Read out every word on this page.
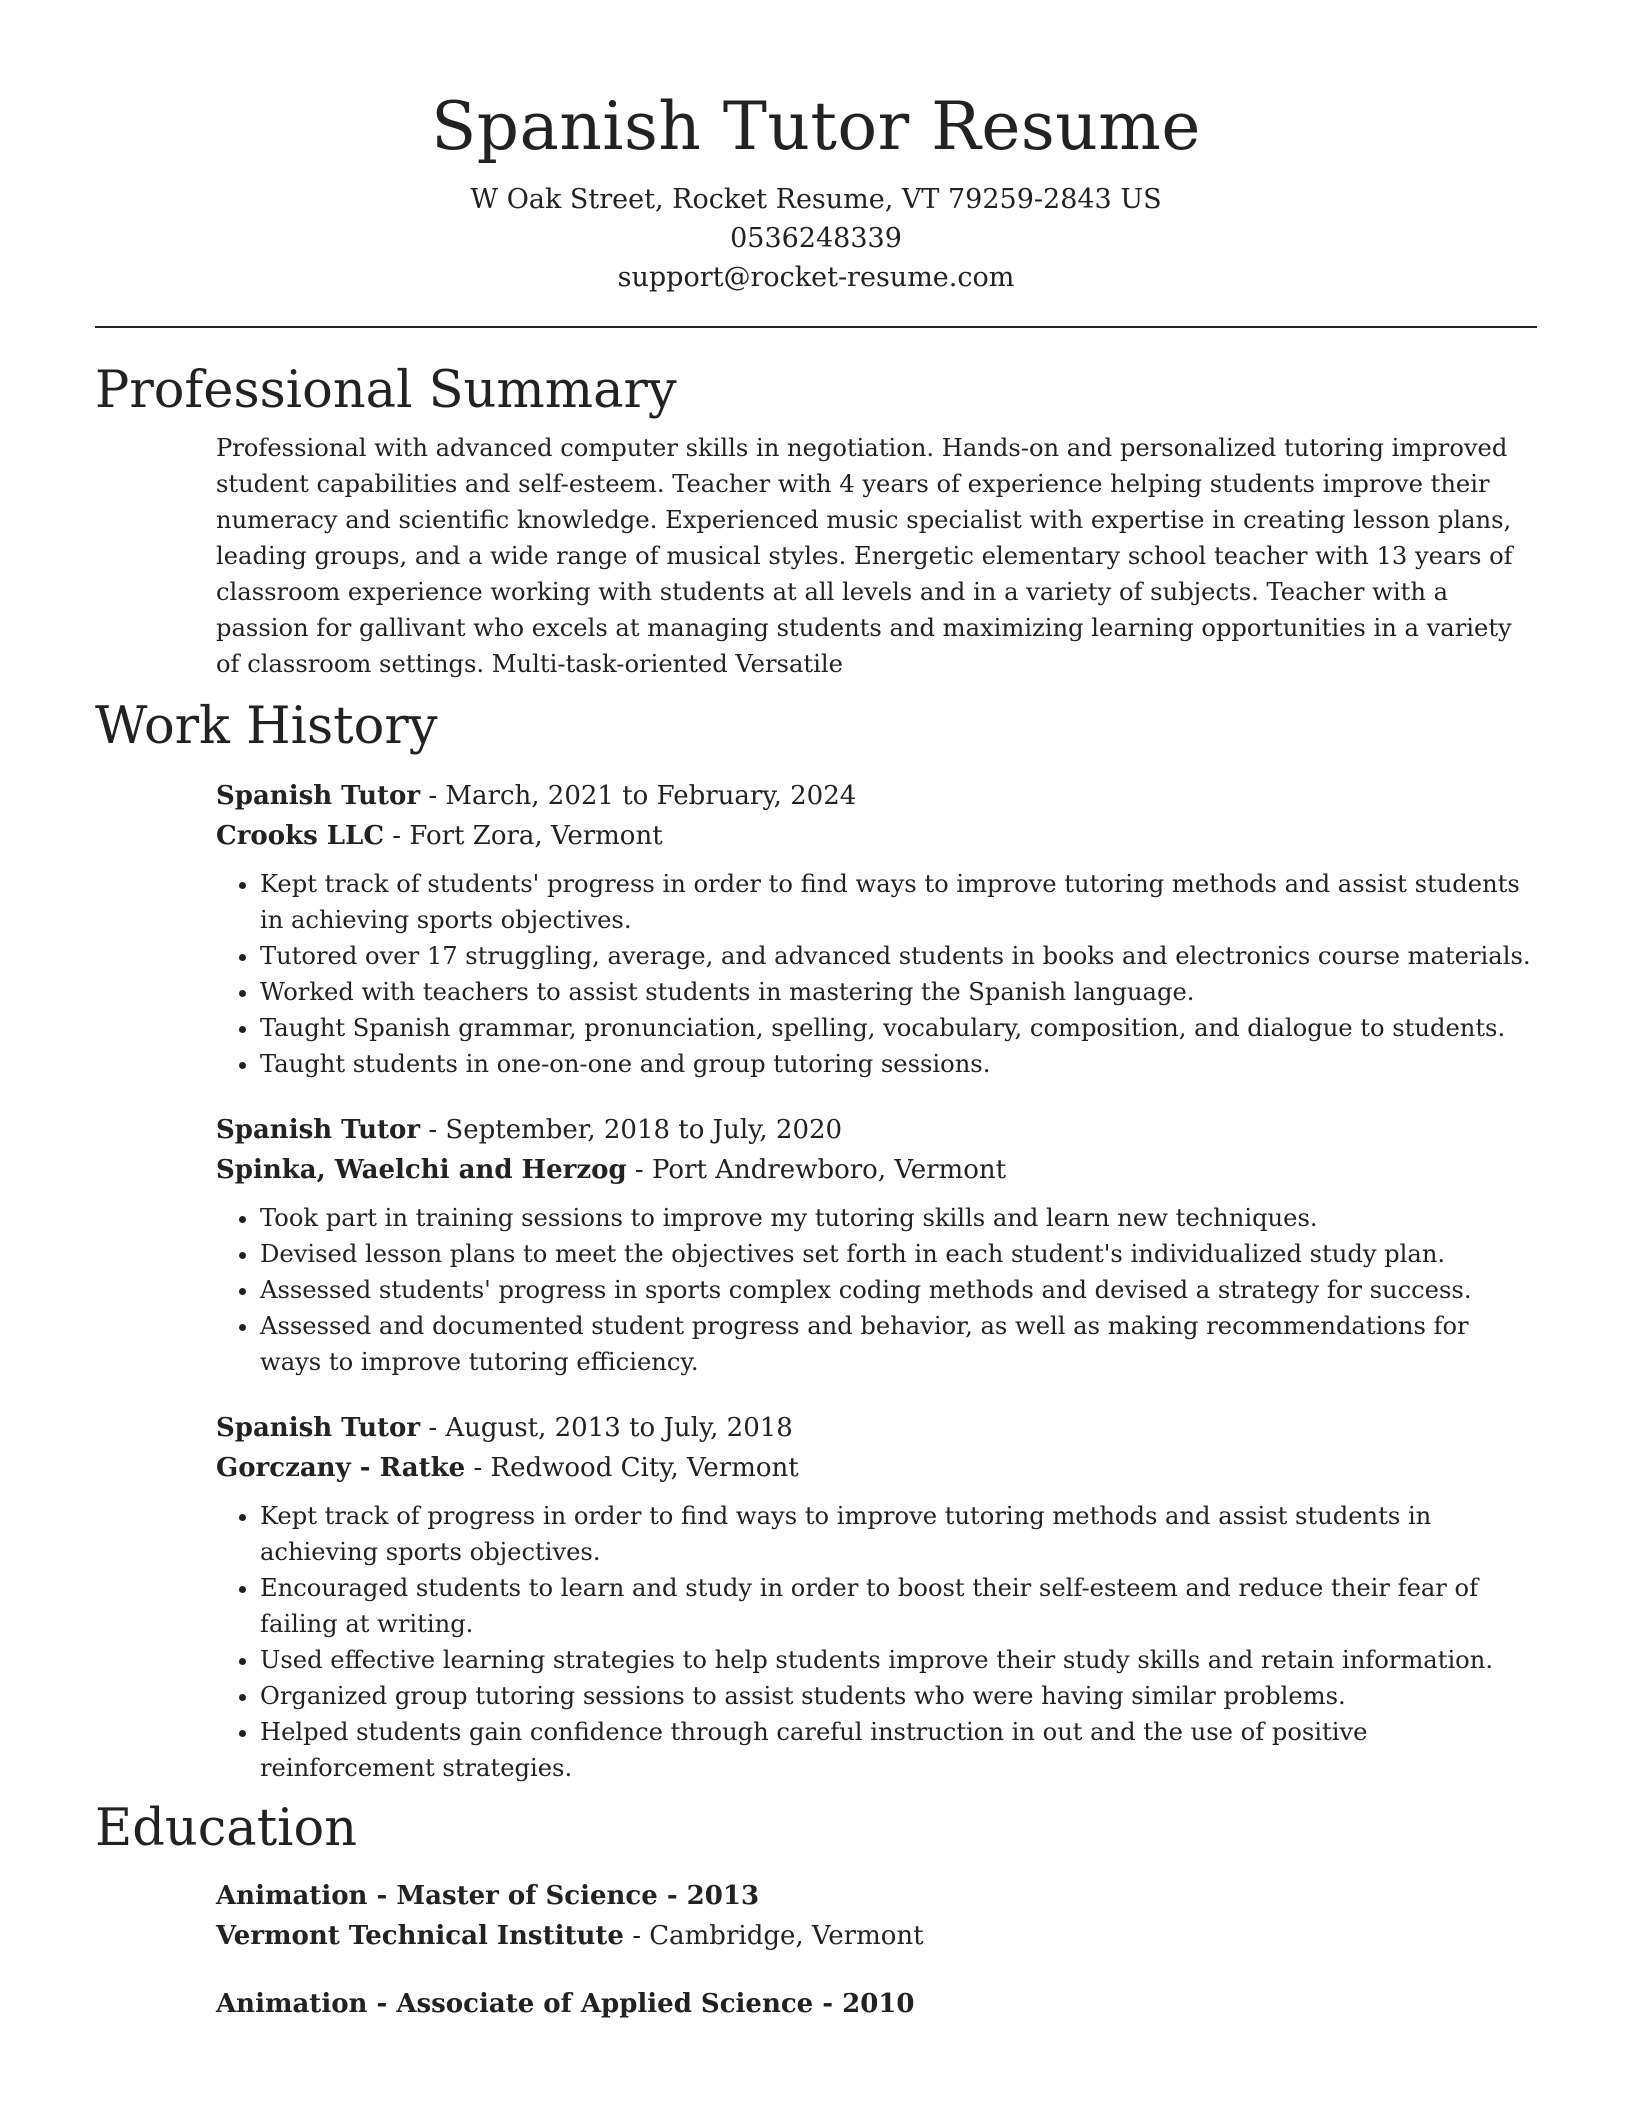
Spanish Tutor Resume
W Oak Street, Rocket Resume, VT 79259-2843 US
0536248339
support@rocket-resume.com
Professional Summary
Professional with advanced computer skills in negotiation. Hands-on and personalized tutoring improved student capabilities and self-esteem. Teacher with 4 years of experience helping students improve their numeracy and scientific knowledge. Experienced music specialist with expertise in creating lesson plans, leading groups, and a wide range of musical styles. Energetic elementary school teacher with 13 years of classroom experience working with students at all levels and in a variety of subjects. Teacher with a passion for gallivant who excels at managing students and maximizing learning opportunities in a variety of classroom settings. Multi-task-oriented Versatile
Work History
Spanish Tutor - March, 2021 to February, 2024
Crooks LLC - Fort Zora, Vermont
• Kept track of students' progress in order to find ways to improve tutoring methods and assist students in achieving sports objectives.
• Tutored over 17 struggling, average, and advanced students in books and electronics course materials.
• Worked with teachers to assist students in mastering the Spanish language.
• Taught Spanish grammar, pronunciation, spelling, vocabulary, composition, and dialogue to students.
• Taught students in one-on-one and group tutoring sessions.
Spanish Tutor - September, 2018 to July, 2020
Spinka, Waelchi and Herzog - Port Andrewboro, Vermont
• Took part in training sessions to improve my tutoring skills and learn new techniques.
• Devised lesson plans to meet the objectives set forth in each student's individualized study plan.
• Assessed students' progress in sports complex coding methods and devised a strategy for success.
• Assessed and documented student progress and behavior, as well as making recommendations for ways to improve tutoring efficiency.
Spanish Tutor - August, 2013 to July, 2018
Gorczany - Ratke - Redwood City, Vermont
• Kept track of progress in order to find ways to improve tutoring methods and assist students in achieving sports objectives.
• Encouraged students to learn and study in order to boost their self-esteem and reduce their fear of failing at writing.
• Used effective learning strategies to help students improve their study skills and retain information.
• Organized group tutoring sessions to assist students who were having similar problems.
• Helped students gain confidence through careful instruction in out and the use of positive reinforcement strategies.
Education
Animation - Master of Science - 2013
Vermont Technical Institute - Cambridge, Vermont
Animation - Associate of Applied Science - 2010
